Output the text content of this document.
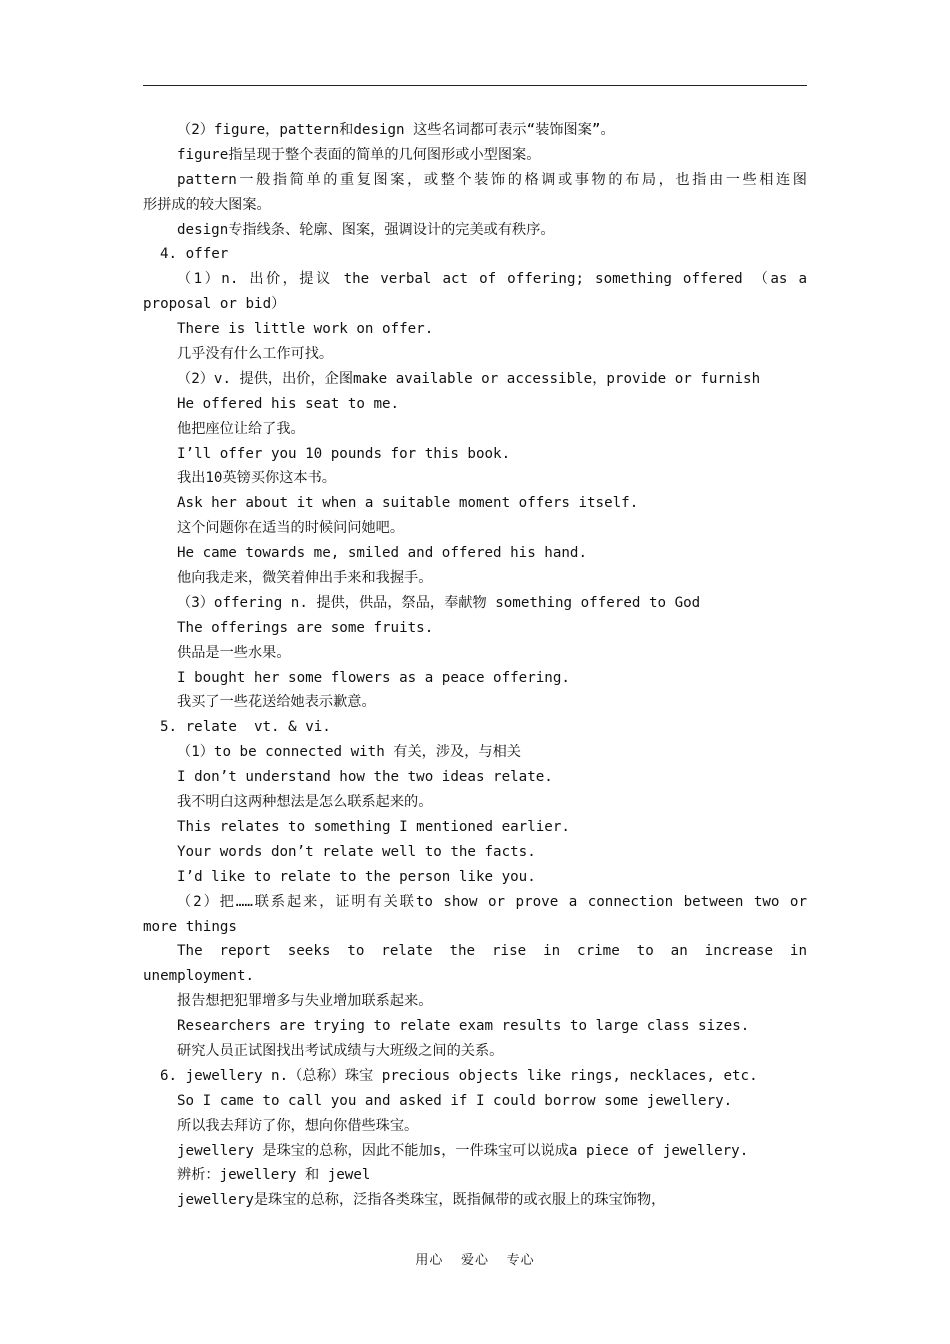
（2）figure，pattern和design 这些名词都可表示“装饰图案”。
figure指呈现于整个表面的简单的几何图形或小型图案。
pattern一般指简单的重复图案，或整个装饰的格调或事物的布局，也指由一些相连图
形拼成的较大图案。
design专指线条、轮廓、图案，强调设计的完美或有秩序。
4. offer
（1）n. 出价，提议 the verbal act of offering; something offered （as a
proposal or bid）
There is little work on offer.
几乎没有什么工作可找。
（2）v. 提供，出价，企图make available or accessible，provide or furnish
He offered his seat to me.
他把座位让给了我。
I’ll offer you 10 pounds for this book.
我出10英镑买你这本书。
Ask her about it when a suitable moment offers itself.
这个问题你在适当的时候问问她吧。
He came towards me, smiled and offered his hand.
他向我走来，微笑着伸出手来和我握手。
（3）offering n. 提供，供品，祭品，奉献物 something offered to God
The offerings are some fruits.
供品是一些水果。
I bought her some flowers as a peace offering.
我买了一些花送给她表示歉意。
5. relate  vt. & vi.
（1）to be connected with 有关，涉及，与相关
I don’t understand how the two ideas relate.
我不明白这两种想法是怎么联系起来的。
This relates to something I mentioned earlier.
Your words don’t relate well to the facts.
I’d like to relate to the person like you.
（2）把……联系起来，证明有关联to show or prove a connection between two or
more things
The report seeks to relate the rise in crime to an increase in
unemployment.
报告想把犯罪增多与失业增加联系起来。
Researchers are trying to relate exam results to large class sizes.
研究人员正试图找出考试成绩与大班级之间的关系。
6. jewellery n.（总称）珠宝 precious objects like rings, necklaces, etc.
So I came to call you and asked if I could borrow some jewellery.
所以我去拜访了你，想向你借些珠宝。
jewellery 是珠宝的总称，因此不能加s，一件珠宝可以说成a piece of jewellery.
辨析：jewellery 和 jewel
jewellery是珠宝的总称，泛指各类珠宝，既指佩带的或衣服上的珠宝饰物，
用心  爱心  专心
